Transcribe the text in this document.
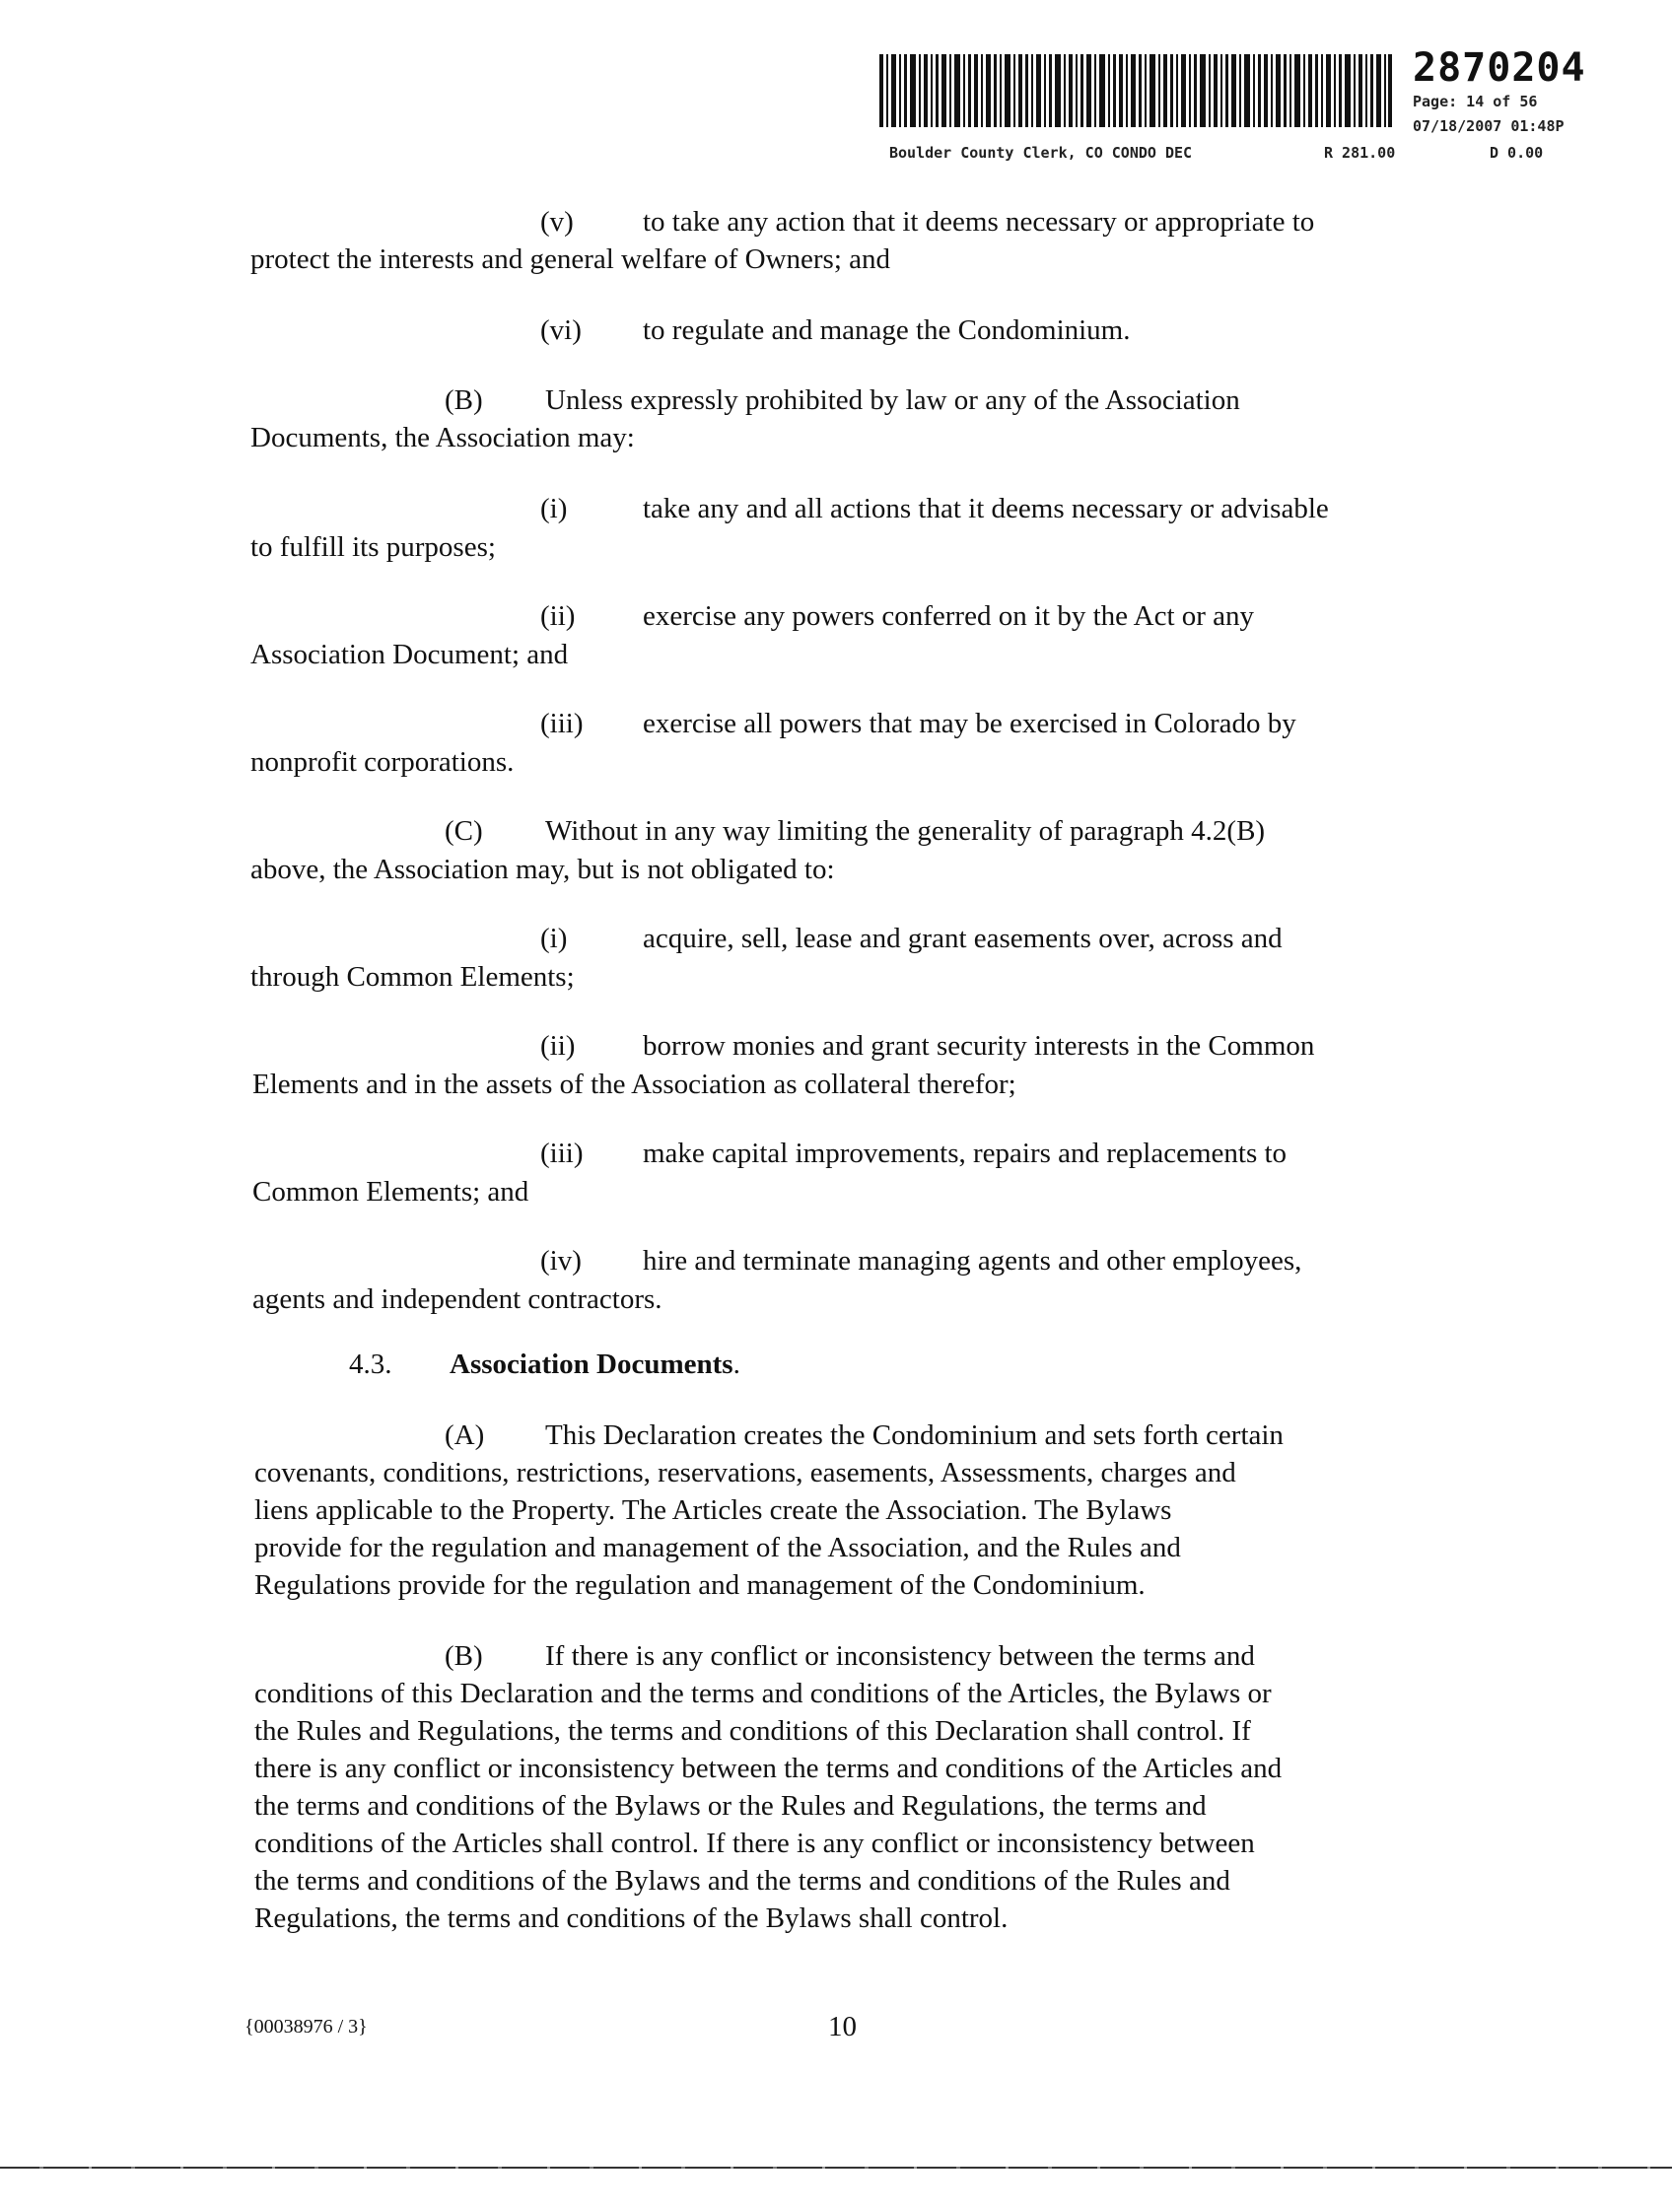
2870204
Page: 14 of 56
07/18/2007 01:48P
Boulder County Clerk, CO CONDO DEC	R 281.00	D 0.00
(v) to take any action that it deems necessary or appropriate to
protect the interests and general welfare of Owners; and
(vi) to regulate and manage the Condominium.
(B) Unless expressly prohibited by law or any of the Association
Documents, the Association may:
(i)	take any and all actions that it deems necessary or advisable
to fulfill its purposes;
(ii) exercise any powers conferred on it by the Act or any
Association Document; and
(iii) exercise all powers that may be exercised in Colorado by
nonprofit corporations.
(C) Without in any way limiting the generality of paragraph 4.2(B)
above, the Association may, but is not obligated to:
(i)	acquire, sell, lease and grant easements over, across and
through Common Elements;
(ii) borrow monies and grant security interests in the Common
Elements and in the assets of the Association as collateral therefor;
(iii) make capital improvements, repairs and replacements to
Common Elements; and
(iv) hire and terminate managing agents and other employees,
agents and independent contractors.
4.3. Association Documents.
(A) This Declaration creates the Condominium and sets forth certain
covenants, conditions, restrictions, reservations, easements, Assessments, charges and
liens applicable to the Property. The Articles create the Association. The Bylaws
provide for the regulation and management of the Association, and the Rules and
Regulations provide for the regulation and management of the Condominium.
(B) If there is any conflict or inconsistency between the terms and
conditions of this Declaration and the terms and conditions of the Articles, the Bylaws or
the Rules and Regulations, the terms and conditions of this Declaration shall control. If
there is any conflict or inconsistency between the terms and conditions of the Articles and
the terms and conditions of the Bylaws or the Rules and Regulations, the terms and
conditions of the Articles shall control. If there is any conflict or inconsistency between
the terms and conditions of the Bylaws and the terms and conditions of the Rules and
Regulations, the terms and conditions of the Bylaws shall control.
{00038976 / 3}	10
